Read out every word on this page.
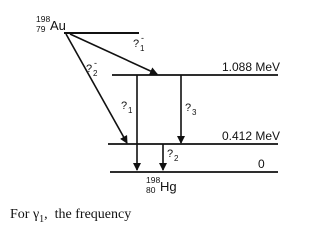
198
79 Au
1.088 MeV
0.412 MeV
0
198
80 Hg
? 1
-
? 2
-
? 1	? 3
? 2
For $\gamma_1$,  the frequency
